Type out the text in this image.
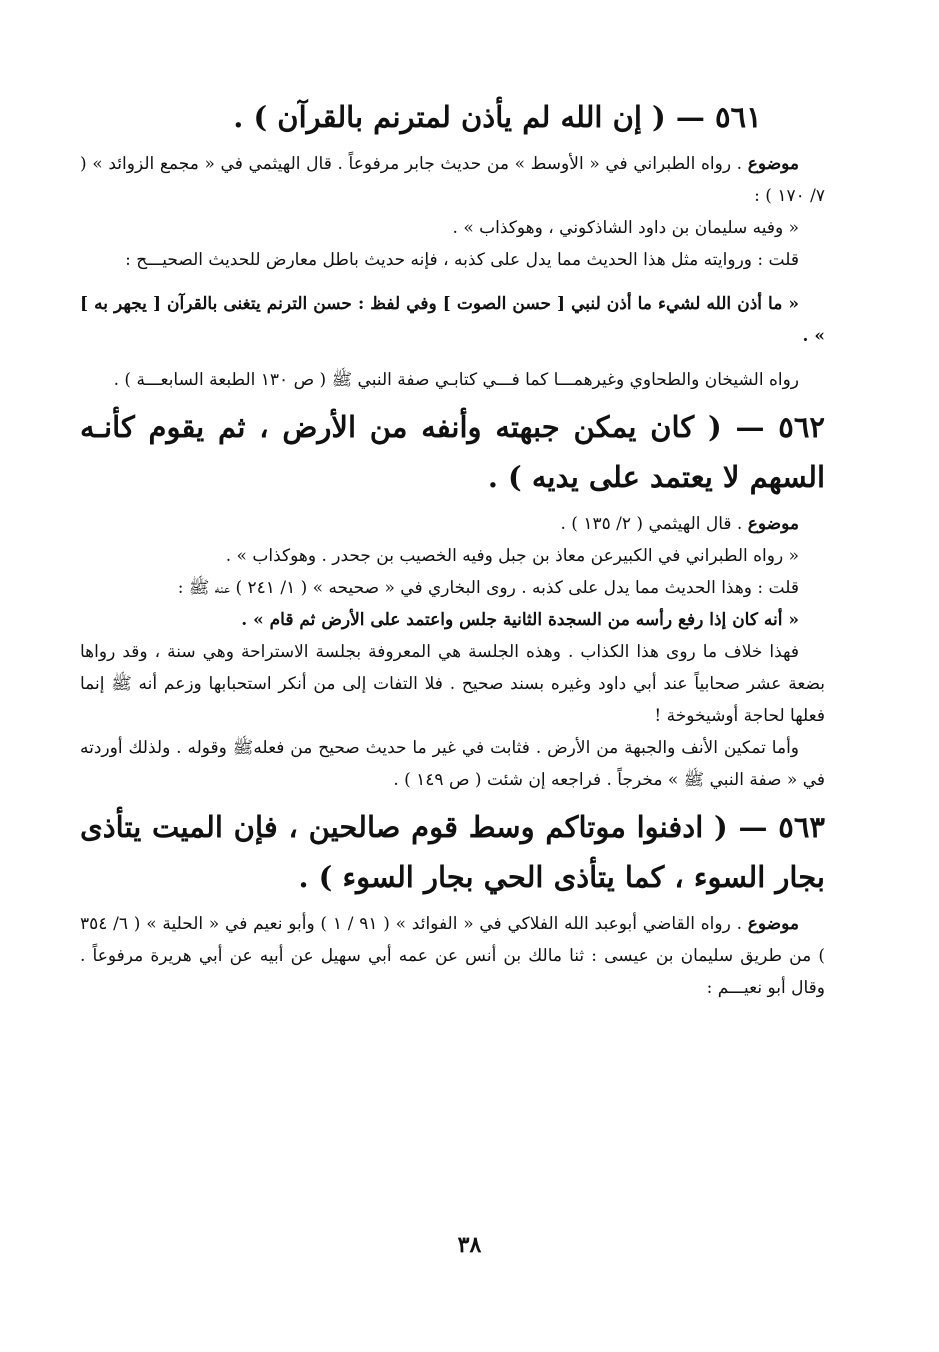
٥٦١ — ( إن الله لم يأذن لمترنم بالقرآن ) .

موضوع . رواه الطبراني في « الأوسط » من حديث جابر مرفوعاً . قال الهيثمي في « مجمع الزوائد » ( ٧/ ١٧٠ ) :

« وفيه سليمان بن داود الشاذكوني ، وهوكذاب » .

قلت : وروايته مثل هذا الحديث مما يدل على كذبه ، فإنه حديث باطل معارض للحديث الصحيـــح :

« ما أذن الله لشيء ما أذن لنبي [ حسن الصوت ] وفي لفظ : حسن الترنم يتغنى بالقرآن [ يجهر به ] » .

رواه الشيخان والطحاوي وغيرهمـــا كما فـــي كتابـي صفة النبي ﷺ ( ص ١٣٠ الطبعة السابعـــة ) .

٥٦٢ — ( كان يمكن جبهته وأنفه من الأرض ، ثم يقوم كأنـه السهم لا يعتمد على يديه ) .

موضوع . قال الهيثمي ( ٢/ ١٣٥ ) .

« رواه الطبراني في الكبيرعن معاذ بن جبل وفيه الخصيب بن جحدر . وهوكذاب » .

قلت : وهذا الحديث مما يدل على كذبه . روى البخاري في « صحيحه » ( ١/ ٢٤١ ) عنه ﷺ :

« أنه كان إذا رفع رأسه من السجدة الثانية جلس واعتمد على الأرض ثم قام » .

فهذا خلاف ما روى هذا الكذاب . وهذه الجلسة هي المعروفة بجلسة الاستراحة وهي سنة ، وقد رواها بضعة عشر صحابياً عند أبي داود وغيره بسند صحيح . فلا التفات إلى من أنكر استحبابها وزعم أنه ﷺ إنما فعلها لحاجة أوشيخوخة !

وأما تمكين الأنف والجبهة من الأرض . فثابت في غير ما حديث صحيح من فعلهﷺ وقوله . ولذلك أوردته في « صفة النبي ﷺ » مخرجاً . فراجعه إن شئت ( ص ١٤٩ ) .

٥٦٣ — ( ادفنوا موتاكم وسط قوم صالحين ، فإن الميت يتأذى بجار السوء ، كما يتأذى الحي بجار السوء ) .

موضوع . رواه القاضي أبوعبد الله الفلاكي في « الفوائد » ( ٩١ / ١ ) وأبو نعيم في « الحلية » ( ٦/ ٣٥٤ ) من طريق سليمان بن عيسى : ثنا مالك بن أنس عن عمه أبي سهيل عن أبيه عن أبي هريرة مرفوعاً . وقال أبو نعيـــم :

٣٨
